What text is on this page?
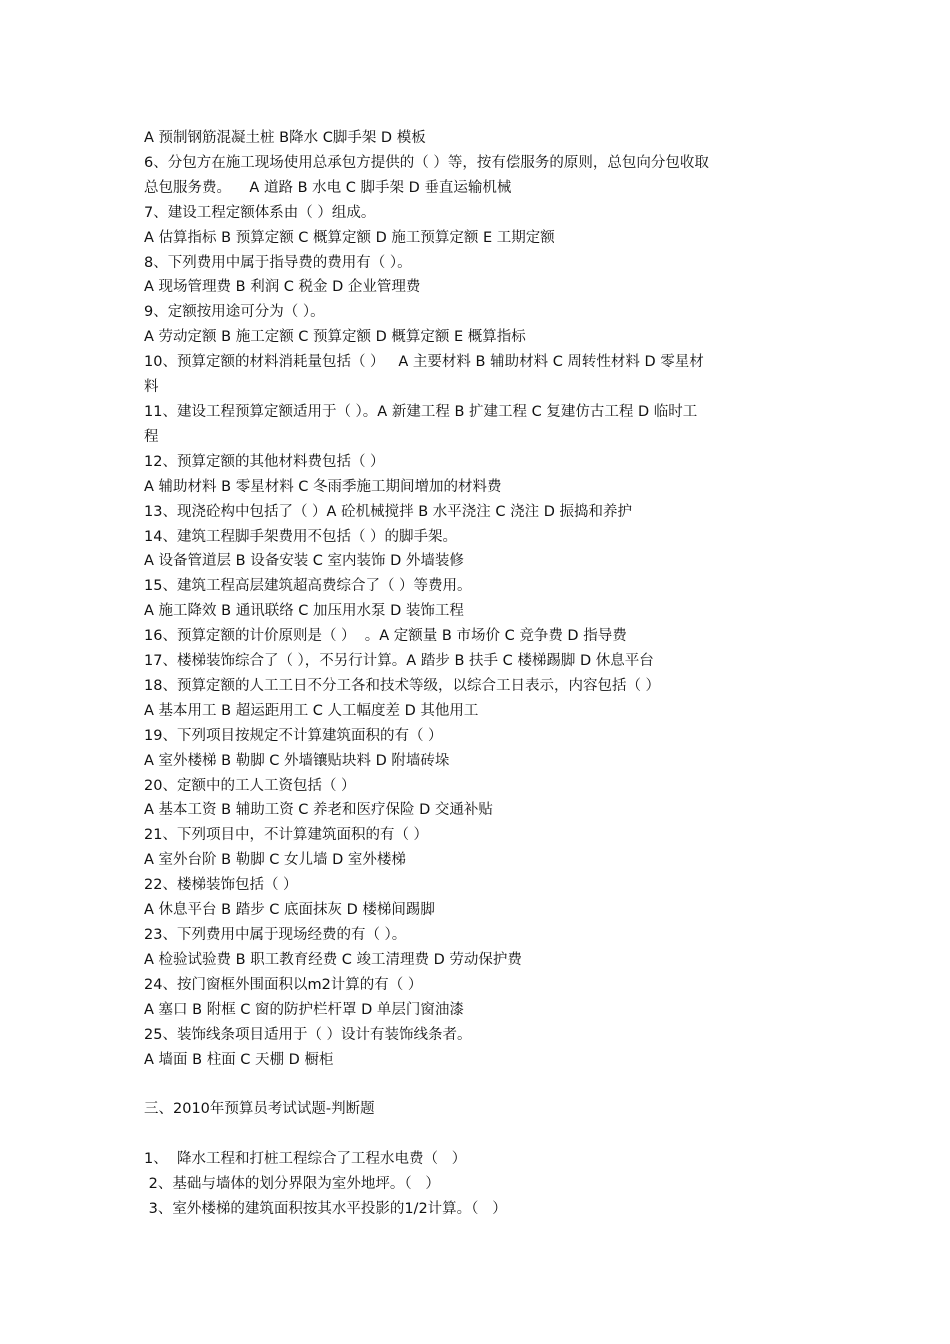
A 预制钢筋混凝土桩 B降水 C脚手架 D 模板
6、分包方在施工现场使用总承包方提供的（ ）等，按有偿服务的原则，总包向分包收取
总包服务费。    A 道路 B 水电 C 脚手架 D 垂直运输机械
7、建设工程定额体系由（ ）组成。
A 估算指标 B 预算定额 C 概算定额 D 施工预算定额 E 工期定额
8、下列费用中属于指导费的费用有（ ）。
A 现场管理费 B 利润 C 税金 D 企业管理费
9、定额按用途可分为（ ）。
A 劳动定额 B 施工定额 C 预算定额 D 概算定额 E 概算指标
10、预算定额的材料消耗量包括（ ）   A 主要材料 B 辅助材料 C 周转性材料 D 零星材
料
11、建设工程预算定额适用于（ ）。A 新建工程 B 扩建工程 C 复建仿古工程 D 临时工
程
12、预算定额的其他材料费包括（ ）
A 辅助材料 B 零星材料 C 冬雨季施工期间增加的材料费
13、现浇砼构中包括了（ ）A 砼机械搅拌 B 水平浇注 C 浇注 D 振捣和养护
14、建筑工程脚手架费用不包括（ ）的脚手架。
A 设备管道层 B 设备安装 C 室内装饰 D 外墙装修
15、建筑工程高层建筑超高费综合了（ ）等费用。
A 施工降效 B 通讯联络 C 加压用水泵 D 装饰工程
16、预算定额的计价原则是（ ）  。A 定额量 B 市场价 C 竞争费 D 指导费
17、楼梯装饰综合了（ ），不另行计算。A 踏步 B 扶手 C 楼梯踢脚 D 休息平台
18、预算定额的人工工日不分工各和技术等级，以综合工日表示，内容包括（ ）
A 基本用工 B 超运距用工 C 人工幅度差 D 其他用工
19、下列项目按规定不计算建筑面积的有（ ）
A 室外楼梯 B 勒脚 C 外墙镶贴块料 D 附墙砖垛
20、定额中的工人工资包括（ ）
A 基本工资 B 辅助工资 C 养老和医疗保险 D 交通补贴
21、下列项目中，不计算建筑面积的有（ ）
A 室外台阶 B 勒脚 C 女儿墙 D 室外楼梯
22、楼梯装饰包括（ ）
A 休息平台 B 踏步 C 底面抹灰 D 楼梯间踢脚
23、下列费用中属于现场经费的有（ ）。
A 检验试验费 B 职工教育经费 C 竣工清理费 D 劳动保护费
24、按门窗框外围面积以m2计算的有（ ）
A 塞口 B 附框 C 窗的防护栏杆罩 D 单层门窗油漆
25、装饰线条项目适用于（ ）设计有装饰线条者。
A 墙面 B 柱面 C 天棚 D 橱柜
三、2010年预算员考试试题-判断题
1、  降水工程和打桩工程综合了工程水电费（   ）
2、基础与墙体的划分界限为室外地坪。（   ）
3、室外楼梯的建筑面积按其水平投影的1/2计算。（   ）
